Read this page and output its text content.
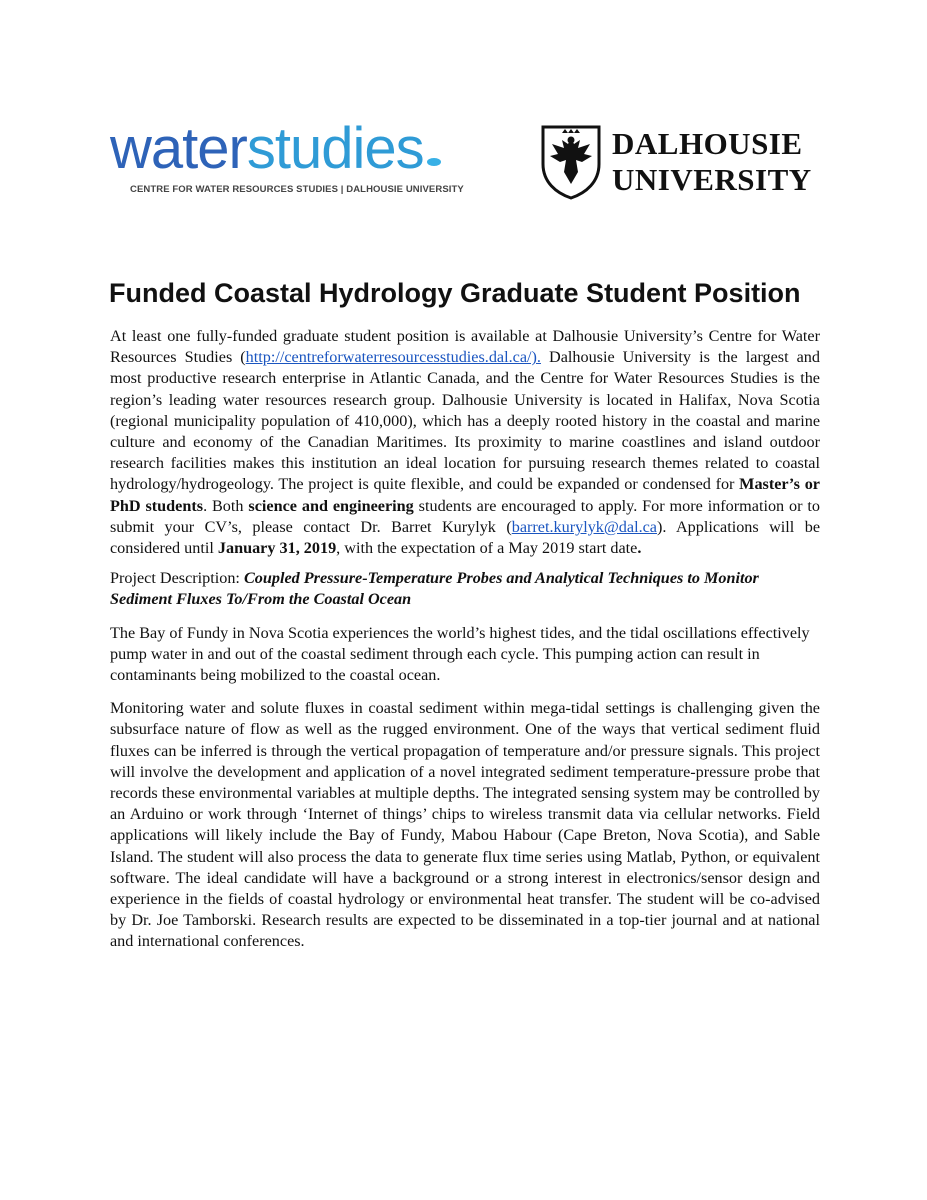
waterstudies
CENTRE FOR WATER RESOURCES STUDIES | DALHOUSIE UNIVERSITY
DALHOUSIE
UNIVERSITY
Funded Coastal Hydrology Graduate Student Position

At least one fully-funded graduate student position is available at Dalhousie University’s Centre for Water Resources Studies (http://centreforwaterresourcesstudies.dal.ca/). Dalhousie University is the largest and most productive research enterprise in Atlantic Canada, and the Centre for Water Resources Studies is the region’s leading water resources research group. Dalhousie University is located in Halifax, Nova Scotia (regional municipality population of 410,000), which has a deeply rooted history in the coastal and marine culture and economy of the Canadian Maritimes. Its proximity to marine coastlines and island outdoor research facilities makes this institution an ideal location for pursuing research themes related to coastal hydrology/hydrogeology. The project is quite flexible, and could be expanded or condensed for Master’s or PhD students. Both science and engineering students are encouraged to apply. For more information or to submit your CV’s, please contact Dr. Barret Kurylyk (barret.kurylyk@dal.ca). Applications will be considered until January 31, 2019, with the expectation of a May 2019 start date.

Project Description: Coupled Pressure-Temperature Probes and Analytical Techniques to Monitor Sediment Fluxes To/From the Coastal Ocean

The Bay of Fundy in Nova Scotia experiences the world’s highest tides, and the tidal oscillations effectively pump water in and out of the coastal sediment through each cycle. This pumping action can result in contaminants being mobilized to the coastal ocean.

Monitoring water and solute fluxes in coastal sediment within mega-tidal settings is challenging given the subsurface nature of flow as well as the rugged environment. One of the ways that vertical sediment fluid fluxes can be inferred is through the vertical propagation of temperature and/or pressure signals. This project will involve the development and application of a novel integrated sediment temperature-pressure probe that records these environmental variables at multiple depths. The integrated sensing system may be controlled by an Arduino or work through ‘Internet of things’ chips to wireless transmit data via cellular networks. Field applications will likely include the Bay of Fundy, Mabou Habour (Cape Breton, Nova Scotia), and Sable Island. The student will also process the data to generate flux time series using Matlab, Python, or equivalent software. The ideal candidate will have a background or a strong interest in electronics/sensor design and experience in the fields of coastal hydrology or environmental heat transfer. The student will be co-advised by Dr. Joe Tamborski. Research results are expected to be disseminated in a top-tier journal and at national and international conferences.
